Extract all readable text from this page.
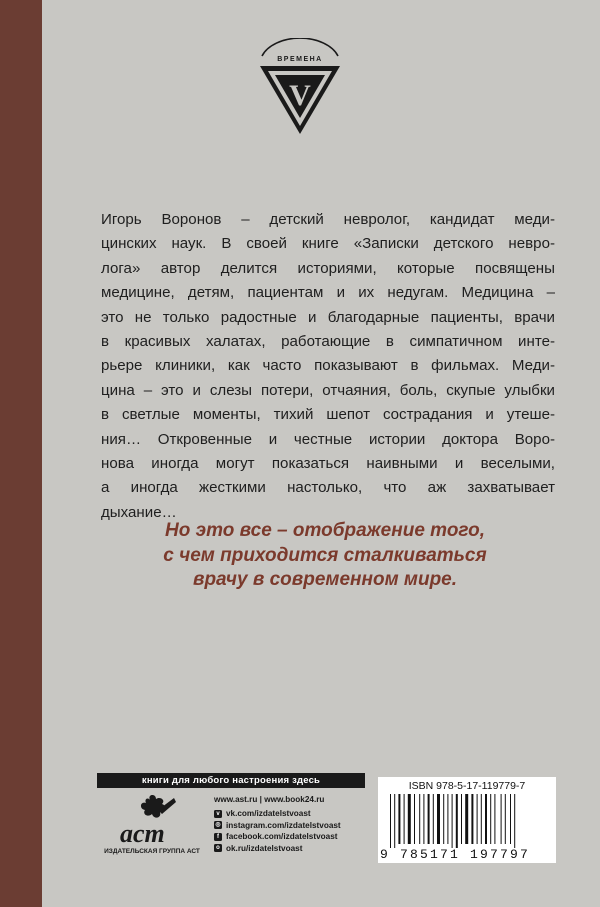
ВРЕМЕНА
V
Игорь Воронов – детский невролог, кандидат меди-
цинских наук. В своей книге «Записки детского невро-
лога» автор делится историями, которые посвящены
медицине, детям, пациентам и их недугам. Медицина –
это не только радостные и благодарные пациенты, врачи
в красивых халатах, работающие в симпатичном инте-
рьере клиники, как часто показывают в фильмах. Меди-
цина – это и слезы потери, отчаяния, боль, скупые улыбки
в светлые моменты, тихий шепот сострадания и утеше-
ния… Откровенные и честные истории доктора Воро-
нова иногда могут показаться наивными и веселыми,
а иногда жесткими настолько, что аж захватывает
дыхание…
Но это все – отображение того,
с чем приходится сталкиваться
врачу в современном мире.
книги для любого настроения здесь
аст
ИЗДАТЕЛЬСКАЯ ГРУППА АСТ
www.ast.ru | www.book24.ru
v vk.com/izdatelstvoast
◎ instagram.com/izdatelstvoast
f facebook.com/izdatelstvoast
o ok.ru/izdatelstvoast
ISBN 978-5-17-119779-7
9 785171 197797
